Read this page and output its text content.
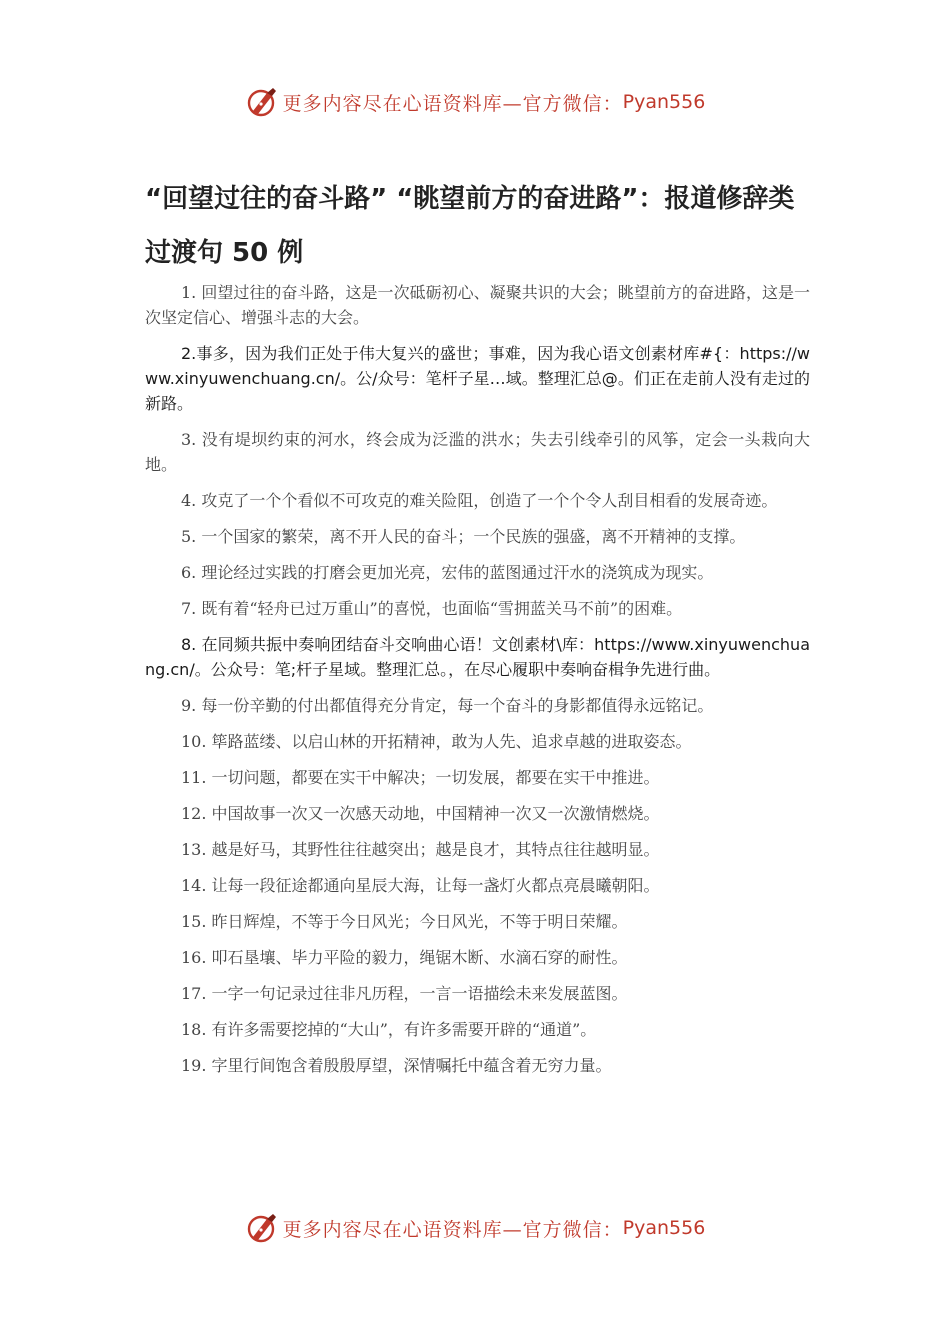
更多内容尽在心语资料库—官方微信： Pyan556
“回望过往的奋斗路” “眺望前方的奋进路”：报道修辞类过渡句 50 例

1. 回望过往的奋斗路，这是一次砥砺初心、凝聚共识的大会；眺望前方的奋进路，这是一次坚定信心、增强斗志的大会。

2.事多，因为我们正处于伟大复兴的盛世；事难，因为我心语文创素材库#{：https://www.xinyuwenchuang.cn/。公/众号：笔杆子星…域。整理汇总@。们正在走前人没有走过的新路。

3. 没有堤坝约束的河水，终会成为泛滥的洪水；失去引线牵引的风筝，定会一头栽向大地。

4. 攻克了一个个看似不可攻克的难关险阻，创造了一个个令人刮目相看的发展奇迹。

5. 一个国家的繁荣，离不开人民的奋斗；一个民族的强盛，离不开精神的支撑。

6. 理论经过实践的打磨会更加光亮，宏伟的蓝图通过汗水的浇筑成为现实。

7. 既有着“轻舟已过万重山”的喜悦，也面临“雪拥蓝关马不前”的困难。

8. 在同频共振中奏响团结奋斗交响曲心语！文创素材\库：https://www.xinyuwenchuang.cn/。公众号：笔;杆子星域。整理汇总。，在尽心履职中奏响奋楫争先进行曲。

9. 每一份辛勤的付出都值得充分肯定，每一个奋斗的身影都值得永远铭记。

10. 筚路蓝缕、以启山林的开拓精神，敢为人先、追求卓越的进取姿态。

11. 一切问题，都要在实干中解决；一切发展，都要在实干中推进。

12. 中国故事一次又一次感天动地，中国精神一次又一次激情燃烧。

13. 越是好马，其野性往往越突出；越是良才，其特点往往越明显。

14. 让每一段征途都通向星辰大海，让每一盏灯火都点亮晨曦朝阳。

15. 昨日辉煌，不等于今日风光；今日风光，不等于明日荣耀。

16. 叩石垦壤、毕力平险的毅力，绳锯木断、水滴石穿的耐性。

17. 一字一句记录过往非凡历程，一言一语描绘未来发展蓝图。

18. 有许多需要挖掉的“大山”，有许多需要开辟的“通道”。

19. 字里行间饱含着殷殷厚望，深情嘱托中蕴含着无穷力量。

更多内容尽在心语资料库—官方微信： Pyan556
